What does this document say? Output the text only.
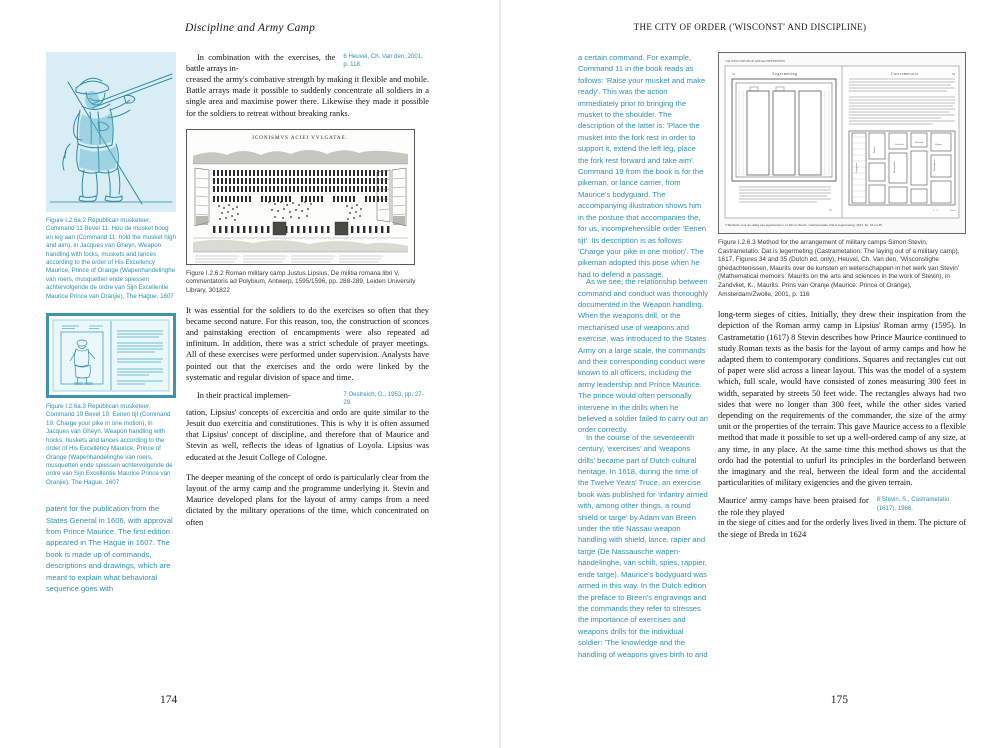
Discipline and Army Camp
Figure I.2.6a.2 Republican musketeer, Command 11 Bevel 11: Hou de musket hoog en leg aan (Command 11: hold the musket high and aim), in Jacques van Gheyn, Weapon handling with locks, muskets and lances according to the order of His Excellency Maurice, Prince of Orange (Wapenhandelinghe van roers, musquetten ende spiessen achtervolgende de ordre van Sijn Excellentie Maurice Prince van Oranjie), The Hague, 1607
Figure I.2.6a.3 Republican musketeer, Command 19 Bevel 19: Eenen tijt (Command 19: Charge your pike in one motion), in Jacques van Gheyn, Weapon handling with hocks, huskets and lances according to the order of His Excellency Maurice, Prince of Orange (Wapenhandelinghe van roers, musquetten ende spiessen achtervolgende de ordre van Sijn Excellentie Maurice Prince van Oranjie), The Hague, 1607
patent for the publication from the States General in 1606, with approval from Prince Maurice. The first edition appeared in The Hague in 1607. The book is made up of commands, descriptions and drawings, which are meant to explain what behavioral sequence goes with
In combination with the exercises, the battle arrays in-
6 Heuvel, Ch. Van den, 2001, p. 118.

creased the army's combative strength by making it flexible and mobile. Battle arrays made it possible to suddenly concentrate all soldiers in a single area and maximise power there. Likewise they made it possible for the soldiers to retreat without breaking ranks.

ICONISMVS ACIEI VVLGATAE.
Figure I.2.6.2 Roman military camp Justus Lipsius, De militia romana libri V, commentatoris ad Polybium, Antwerp, 1595/1596, pp. 288-289, Leiden University Library, 301822

It was essential for the soldiers to do the exercises so often that they became second nature. For this reason, too, the construction of sconces and painstaking erection of encampments were also repeated ad infinitum. In addition, there was a strict schedule of prayer meetings. All of these exercises were performed under supervision. Analysts have pointed out that the exercises and the ordo were linked by the systematic and regular division of space and time.

In their practical implemen-	7 Oestreich, G., 1953, pp. 27-29.

tation, Lipsius' concepts of excercitia and ordo are quite similar to the Jesuit duo exercitia and constitutiones. This is why it is often assumed that Lipsius' concept of discipline, and therefore that of Maurice and Stevin as well, reflects the ideas of Ignatius of Loyola. Lipsius was educated at the Jesuit College of Cologne.

The deeper meaning of the concept of ordo is particularly clear from the layout of the army camp and the programme underlying it. Stevin and Maurice developed plans for the layout of army camps from a need dictated by the military operations of the time, which concentrated on often

174
THE CITY OF ORDER ('WISCONST' AND DISCIPLINE)
a certain command. For example, Command 11 in the book reads as follows: 'Raise your musket and make ready'. This was the action immediately prior to bringing the musket to the shoulder. The description of the latter is: 'Place the musket into the fork rest in order to support it, extend the left leg, place the fork rest forward and take aim'. Command 19 from the book is for the pikeman, or lance carrier, from Maurice's bodyguard. The accompanying illustration shows him in the posture that accompanies the, for us, incomprehensible order 'Eenen tijt'. Its description is as follows: 'Charge your pike in one motion'. The pikeman adopted this pose when he had to defend a passage.
As we see, the relationship between command and conduct was thoroughly documented in the Weapon handling. When the weapons drill, or the mechanised use of weapons and exercise, was introduced to the States Army on a large scale, the commands and their corresponding conduct were known to all officers, including the army leadership and Prince Maurice. The prince would often personally intervene in the drills when he believed a soldier failed to carry out an order correctly.
In the course of the seventeenth century, 'exercises' and 'weapons drills' became part of Dutch cultural heritage. In 1618, during the time of the Twelve Years' Truce, an exercise book was published for 'infantry armed with, among other things, a round shield or targe' by Adam van Breen under the title Nassau weapon handling with shield, lance, rapier and targe (De Nassausche wapen-handelinghe, van schilt, spies, rappier, ende targe). Maurice's bodyguard was armed in this way. In the Dutch edition the preface to Breen's engravings and the commands they refer to stresses the importance of exercises and weapons drills for the individual soldier: 'The knowledge and the handling of weapons gives birth to and
136 WISCONSTIGE GEDACHTENISSEN
Legermeting
34
34
Castrametatio	35
Legerplaets
Ruiters
Voetvolck
Gheschut
Wagens
Hooftquartier	Marcktplaets
8    9	Front
7 Methode voor de uitleg van legerkampen, in Simon Stevin, Castrametatio. Dat is legermeting, 1617, fig. 34 en 35
Figure I.2.6.3 Method for the arrangement of military camps Simon Stevin, Castrametatio. Dat is legermeting (Castrametation: The laying out of a military camp), 1617, Figures 34 and 35 (Dutch ed. only), Heuvel, Ch. Van den, 'Wisconstighe ghedachtenissen, Maurits over de kunsten en wetenschappen in het werk van Stevin' (Mathematical memoirs: Maurits on the arts and sciences in the work of Stevin), in Zandvliet, K., Maurits: Prins van Oranje (Maurice: Prince of Orange), Amsterdam/Zwolle, 2001, p. 116

long-term sieges of cities. Initially, they drew their inspiration from the depiction of the Roman army camp in Lipsius' Roman army (1595). In Castrametatio (1617) 8 Stevin describes how Prince Maurice continued to study Roman texts as the basis for the layout of army camps and how he adapted them to contemporary conditions. Squares and rectangles cut out of paper were slid across a linear layout. This was the model of a system which, full scale, would have consisted of zones measuring 300 feet in width, separated by streets 50 feet wide. The rectangles always had two sides that were no longer than 300 feet, while the other sides varied depending on the requirements of the commander, the size of the army unit or the properties of the terrain. This gave Maurice access to a flexible method that made it possible to set up a well-ordered camp of any size, at any time, in any place. At the same time this method shows us that the ordo had the potential to unfurl its principles in the borderland between the imaginary and the real, between the ideal form and the accidental particularities of military exigencies and the given terrain.

Maurice' army camps have been praised for the role they played
8 Stevin, S., Castrametatio (1617), 1966.

in the siege of cities and for the orderly lives lived in them. The picture of the siege of Breda in 1624

175
